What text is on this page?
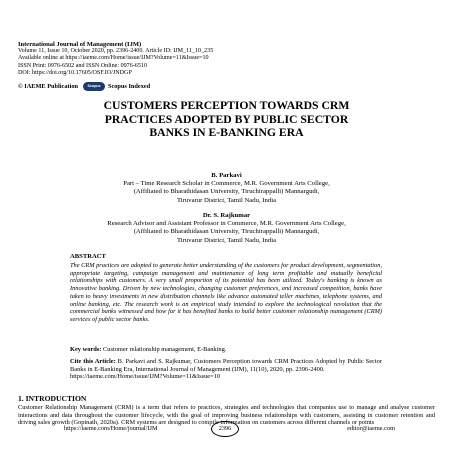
International Journal of Management (IJM)
Volume 11, Issue 10, October 2020, pp. 2396-2400. Article ID: IJM_11_10_235
Available online at https://iaeme.com/Home/issue/IJM?Volume=11&Issue=10
ISSN Print: 0976-6502 and ISSN Online: 0976-6510
DOI: https://doi.org/10.17605/OSF.IO/JNDGP
© IAEME Publication	Scopus	Scopus Indexed
CUSTOMERS PERCEPTION TOWARDS CRM
PRACTICES ADOPTED BY PUBLIC SECTOR
BANKS IN E-BANKING ERA
B. Parkavi
Part – Time Research Scholar in Commerce, M.R. Government Arts College,
(Affiliated to Bharathidasan University, Tiruchirappalli) Mannargudi,
Tiruvarur District, Tamil Nadu, India
Dr. S. Rajkumar
Research Advisor and Assistant Professor in Commerce, M.R. Government Arts College,
(Affiliated to Bharathidasan University, Tiruchirappalli) Mannargudi,
Tiruvarur District, Tamil Nadu, India
ABSTRACT
The CRM practices are adopted to generate better understanding of the customers for product development, segmentation, appropriate targeting, campaign management and maintenance of long term profitable and mutually beneficial relationships with customers. A very small proportion of its potential has been utilized. Today's banking is known as Innovative banking. Driven by new technologies, changing customer preferences, and increased competition, banks have taken to heavy investments in new distribution channels like advance automated teller machines, telephone systems, and online banking, etc. The research work is an empirical study intended to explore the technological revolution that the commercial banks witnessed and how far it has benefited banks to build better customer relationship management (CRM) services of public sector banks.
Key words: Customer relationship management, E-Banking.
Cite this Article: B. Parkavi and S. Rajkumar, Customers Perception towards CRM Practices Adopted by Public Sector Banks in E-Banking Era, International Journal of Management (IJM), 11(10), 2020, pp. 2396-2400.
https://iaeme.com/Home/issue/IJM?Volume=11&Issue=10
1. INTRODUCTION
Customer Relationship Management (CRM) is a term that refers to practices, strategies and technologies that companies use to manage and analyse customer interactions and data throughout the customer lifecycle, with the goal of improving business relationships with customers, assisting in customer retention and driving sales growth (Gopinath, 2020a). CRM systems are designed to compile information on customers across different channels or points
https://iaeme.com/Home/journal/IJM	2396	editor@iaeme.com
